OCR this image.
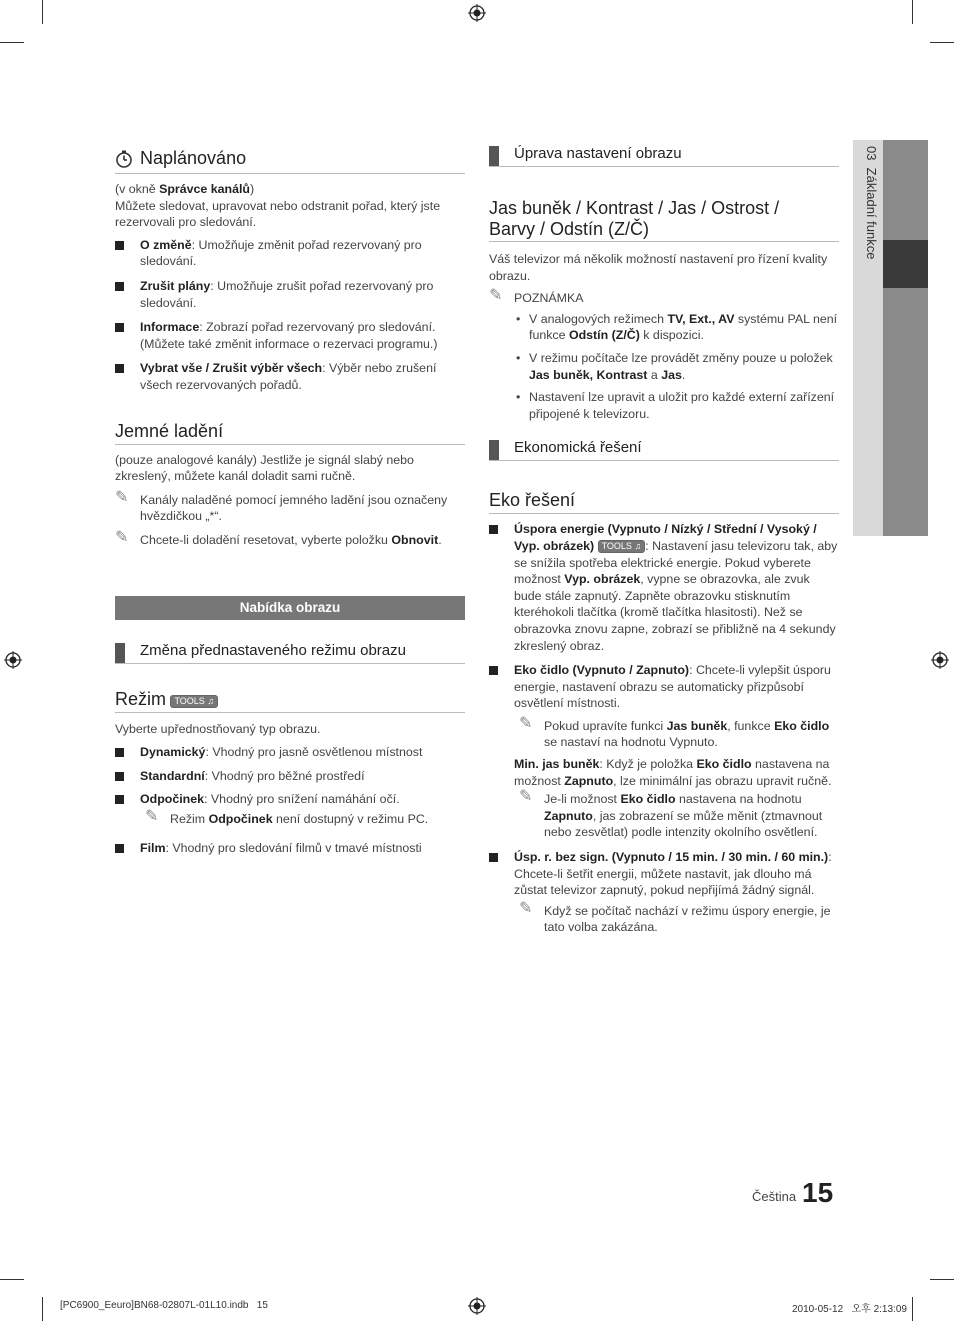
03  Základní funkce
Naplánováno

(v okně Správce kanálů)

Můžete sledovat, upravovat nebo odstranit pořad, který jste rezervovali pro sledování.

O změně: Umožňuje změnit pořad rezervovaný pro sledování.
Zrušit plány: Umožňuje zrušit pořad rezervovaný pro sledování.
Informace: Zobrazí pořad rezervovaný pro sledování. (Můžete také změnit informace o rezervaci programu.)
Vybrat vše / Zrušit výběr všech: Výběr nebo zrušení všech rezervovaných pořadů.
Jemné ladění

(pouze analogové kanály) Jestliže je signál slabý nebo zkreslený, můžete kanál doladit sami ručně.

✎ Kanály naladěné pomocí jemného ladění jsou označeny hvězdičkou „*“.
✎ Chcete-li doladění resetovat, vyberte položku Obnovit.
Nabídka obrazu
Změna přednastaveného režimu obrazu
Režim TOOLS ♫

Vyberte upřednostňovaný typ obrazu.

Dynamický: Vhodný pro jasně osvětlenou místnost
Standardní: Vhodný pro běžné prostředí
Odpočinek: Vhodný pro snížení namáhání očí.
✎ Režim Odpočinek není dostupný v režimu PC.
Film: Vhodný pro sledování filmů v tmavé místnosti
Úprava nastavení obrazu
Jas buněk / Kontrast / Jas / Ostrost /
Barvy / Odstín (Z/Č)

Váš televizor má několik možností nastavení pro řízení kvality obrazu.

✎ POZNÁMKA
• V analogových režimech TV, Ext., AV systému PAL není funkce Odstín (Z/Č) k dispozici.
• V režimu počítače lze provádět změny pouze u položek Jas buněk, Kontrast a Jas.
• Nastavení lze upravit a uložit pro každé externí zařízení připojené k televizoru.
Ekonomická řešení
Eko řešení
Úspora energie (Vypnuto / Nízký / Střední / Vysoký / Vyp. obrázek) TOOLS ♫ : Nastavení jasu televizoru tak, aby se snížila spotřeba elektrické energie. Pokud vyberete možnost Vyp. obrázek, vypne se obrazovka, ale zvuk bude stále zapnutý. Zapněte obrazovku stisknutím kteréhokoli tlačítka (kromě tlačítka hlasitosti). Než se obrazovka znovu zapne, zobrazí se přibližně na 4 sekundy zkreslený obraz.
Eko čidlo (Vypnuto / Zapnuto): Chcete-li vylepšit úsporu energie, nastavení obrazu se automaticky přizpůsobí osvětlení místnosti.
✎ Pokud upravíte funkci Jas buněk, funkce Eko čidlo se nastaví na hodnotu Vypnuto.

Min. jas buněk: Když je položka Eko čidlo nastavena na možnost Zapnuto, lze minimální jas obrazu upravit ručně.

✎ Je-li možnost Eko čidlo nastavena na hodnotu Zapnuto, jas zobrazení se může měnit (ztmavnout nebo zesvětlat) podle intenzity okolního osvětlení.
Úsp. r. bez sign. (Vypnuto / 15 min. / 30 min. / 60 min.): Chcete-li šetřit energii, můžete nastavit, jak dlouho má zůstat televizor zapnutý, pokud nepřijímá žádný signál.
✎ Když se počítač nachází v režimu úspory energie, je tato volba zakázána.
Čeština 15
[PC6900_Eeuro]BN68-02807L-01L10.indb   15	2010-05-12   오후 2:13:09
